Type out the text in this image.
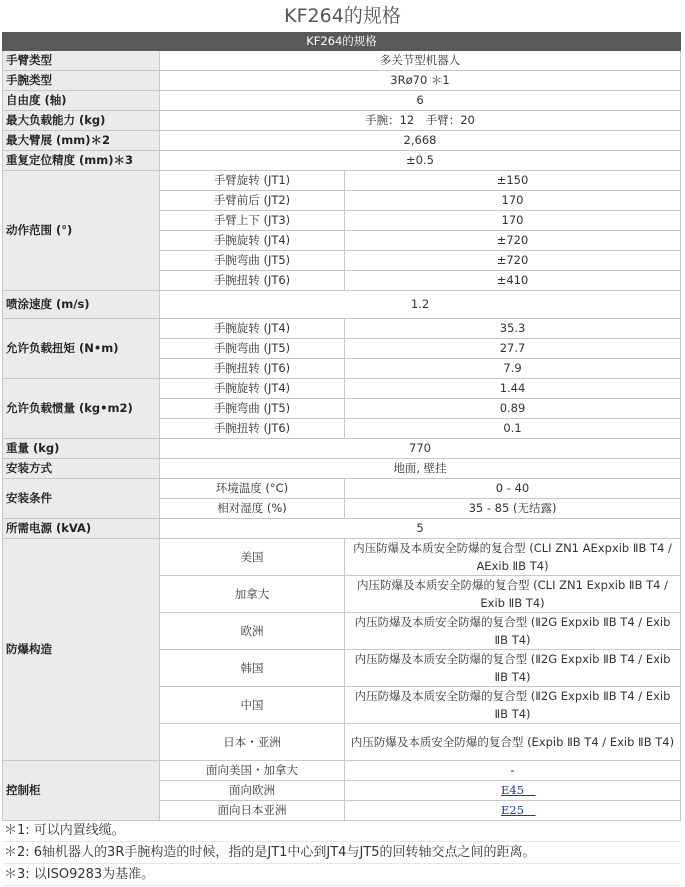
KF264的规格
KF264的规格		
手臂类型	多关节型机器人	
手腕类型	3Rø70 ＊1	
自由度 (轴)	6	
最大负载能力 (kg)	手腕：12　手臂：20	
最大臂展 (mm)＊2	2,668	
重复定位精度 (mm)＊3	±0.5	
动作范围 (°)	手臂旋转 (JT1)	±150
	手臂前后 (JT2)	170
	手臂上下 (JT3)	170
	手腕旋转 (JT4)	±720
	手腕弯曲 (JT5)	±720
	手腕扭转 (JT6)	±410
喷涂速度 (m/s)	1.2	
允许负载扭矩 (N•m)	手腕旋转 (JT4)	35.3
	手腕弯曲 (JT5)	27.7
	手腕扭转 (JT6)	7.9
允许负载惯量 (kg•m2)	手腕旋转 (JT4)	1.44
	手腕弯曲 (JT5)	0.89
	手腕扭转 (JT6)	0.1
重量 (kg)	770	
安装方式	地面, 壁挂	
安装条件	环境温度 (°C)	0 - 40
	相对湿度 (%)	35 - 85 (无结露)
所需电源 (kVA)	5	
防爆构造	美国	内压防爆及本质安全防爆的复合型 (CLI ZN1 AExpxib ⅡB T4 / AExib ⅡB T4)
	加拿大	内压防爆及本质安全防爆的复合型 (CLI ZN1 Expxib ⅡB T4 / Exib ⅡB T4)
	欧洲	内压防爆及本质安全防爆的复合型 (Ⅱ2G Expxib ⅡB T4 / Exib ⅡB T4)
	韩国	内压防爆及本质安全防爆的复合型 (Ⅱ2G Expxib ⅡB T4 / Exib ⅡB T4)
	中国	内压防爆及本质安全防爆的复合型 (Ⅱ2G Expxib ⅡB T4 / Exib ⅡB T4)
	日本・亚洲	内压防爆及本质安全防爆的复合型 (Expib ⅡB T4 / Exib ⅡB T4)
控制柜	面向美国・加拿大	-
	面向欧洲	E45　
	面向日本亚洲	E25　
＊1: 可以内置线缆。
＊2: 6轴机器人的3R手腕构造的时候，指的是JT1中心到JT4与JT5的回转轴交点之间的距离。
＊3: 以ISO9283为基准。
